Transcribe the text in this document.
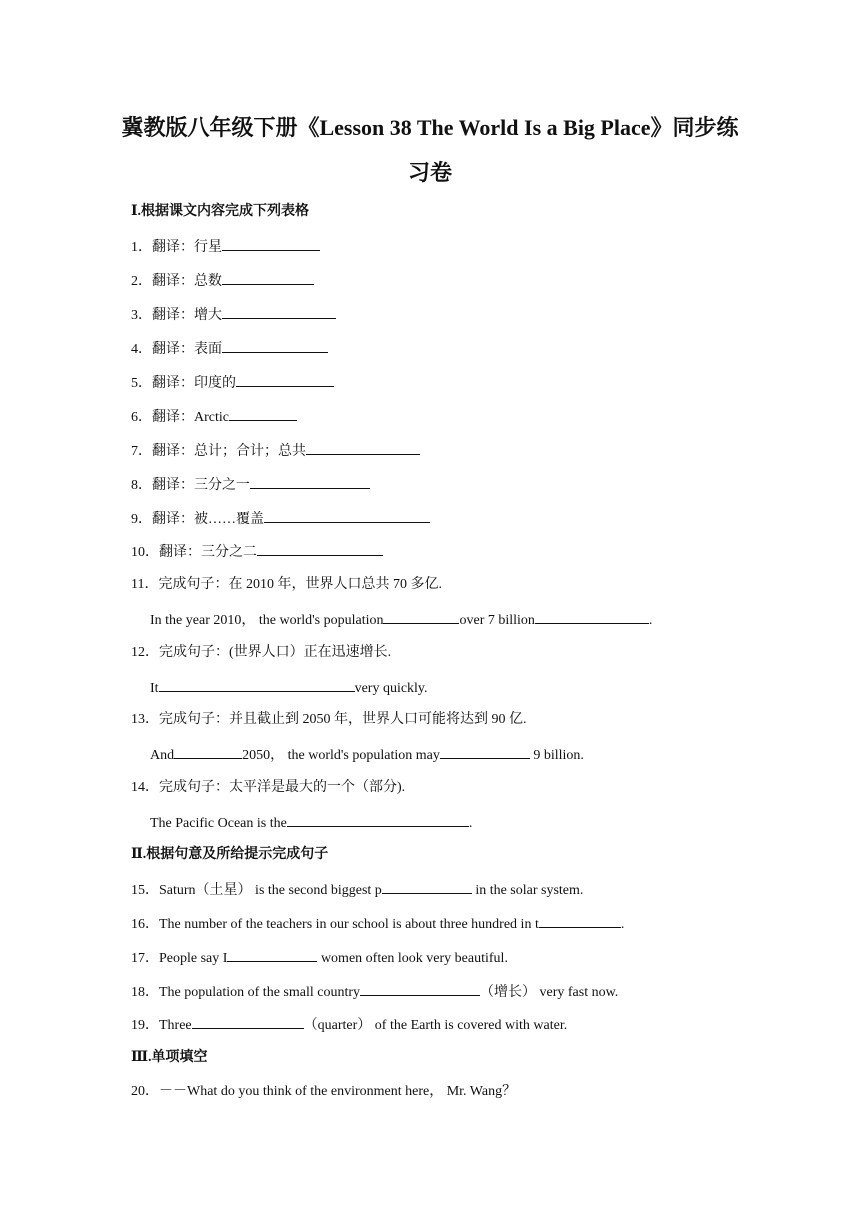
冀教版八年级下册《Lesson 38 The World Is a Big Place》同步练
习卷
Ⅰ.根据课文内容完成下列表格
1．翻译：行星
2．翻译：总数
3．翻译：增大
4．翻译：表面
5．翻译：印度的
6．翻译：Arctic
7．翻译：总计；合计；总共
8．翻译：三分之一
9．翻译：被……覆盖
10．翻译：三分之二
11．完成句子：在 2010 年，世界人口总共 70 多亿.
In the year 2010， the world's population	over 7 billion	.
12．完成句子：(世界人口）正在迅速增长.
It	very quickly.
13．完成句子：并且截止到 2050 年，世界人口可能将达到 90 亿.
And	2050， the world's population may	9 billion.
14．完成句子：太平洋是最大的一个（部分).
The Pacific Ocean is the	.
Ⅱ.根据句意及所给提示完成句子
15．Saturn（土星） is the second biggest p	in the solar system.
16．The number of the teachers in our school is about three hundred in t	.
17．People say I	women often look very beautiful.
18．The population of the small country	（增长） very fast now.
19．Three	（quarter） of the Earth is covered with water.
Ⅲ.单项填空
20．－－What do you think of the environment here， Mr. Wang？
